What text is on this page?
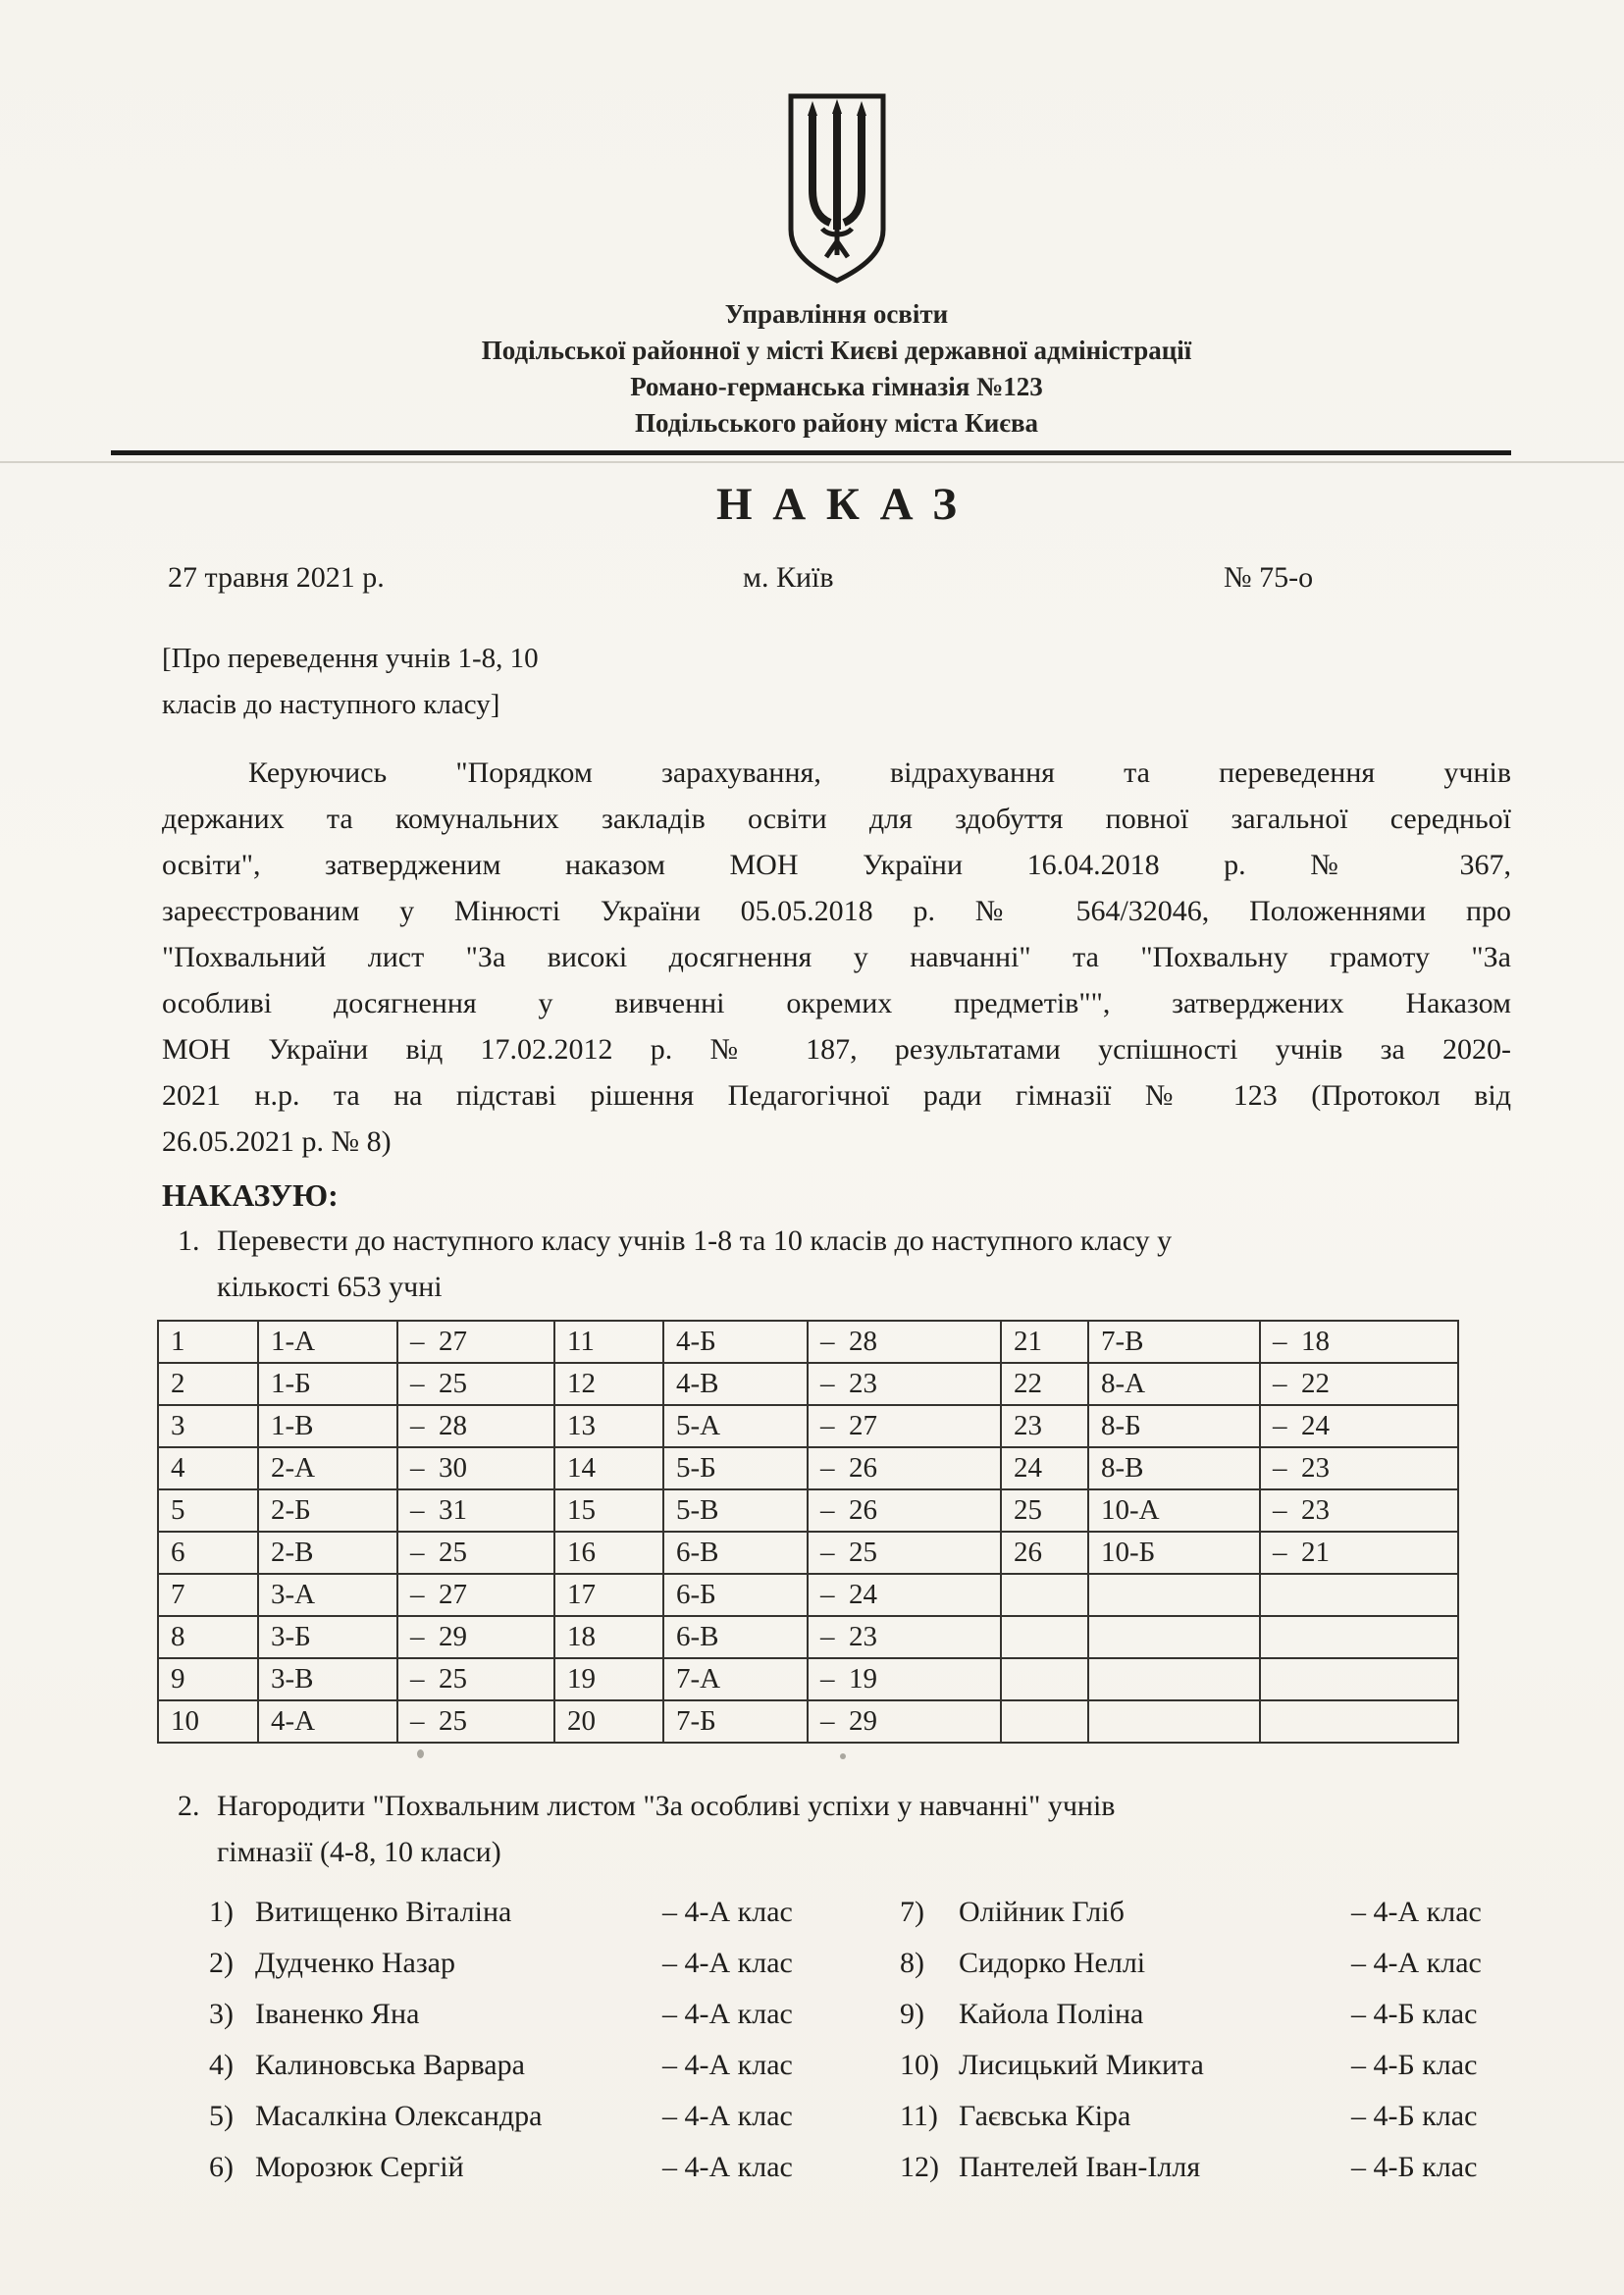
Управління освіти
Подільської районної у місті Києві державної адміністрації
Романо-германська гімназія №123
Подільського району міста Києва
НАКАЗ
27 травня 2021 р.	м. Київ	№ 75-о
[Про переведення учнів 1-8, 10
класів до наступного класу]
Керуючись "Порядком зарахування, відрахування та переведення учнів
держаних та комунальних закладів освіти для здобуття повної загальної середньої
освіти", затвердженим наказом МОН України 16.04.2018 р. № 367,
зареєстрованим у Мінюсті України 05.05.2018 р. № 564/32046, Положеннями про
"Похвальний лист "За високі досягнення у навчанні" та "Похвальну грамоту "За
особливі досягнення у вивченні окремих предметів"", затверджених Наказом
МОН України від 17.02.2012 р. № 187, результатами успішності учнів за 2020-
2021 н.р. та на підставі рішення Педагогічної ради гімназії № 123 (Протокол від
26.05.2021 р. № 8)
НАКАЗУЮ:
1. Перевести до наступного класу учнів 1-8 та 10 класів до наступного класу у
кількості 653 учні
1	1-А	–  27	11	4-Б	–  28	21	7-В	–  18
2	1-Б	–  25	12	4-В	–  23	22	8-А	–  22
3	1-В	–  28	13	5-А	–  27	23	8-Б	–  24
4	2-А	–  30	14	5-Б	–  26	24	8-В	–  23
5	2-Б	–  31	15	5-В	–  26	25	10-А	–  23
6	2-В	–  25	16	6-В	–  25	26	10-Б	–  21
7	3-А	–  27	17	6-Б	–  24			
8	3-Б	–  29	18	6-В	–  23			
9	3-В	–  25	19	7-А	–  19			
10	4-А	–  25	20	7-Б	–  29			
2. Нагородити "Похвальним листом "За особливі успіхи у навчанні" учнів
гімназії (4-8, 10 класи)
1) Витищенко Віталіна	– 4-А клас
2) Дудченко Назар	– 4-А клас
3) Іваненко Яна	– 4-А клас
4) Калиновська Варвара	– 4-А клас
5) Масалкіна Олександра	– 4-А клас
6) Морозюк Сергій	– 4-А клас
7)	Олійник Гліб	– 4-А клас
8)	Сидорко Неллі	– 4-А клас
9)	Кайола Поліна	– 4-Б клас
10) Лисицький Микита	– 4-Б клас
11) Гаєвська Кіра	– 4-Б клас
12) Пантелей Іван-Ілля	– 4-Б клас
